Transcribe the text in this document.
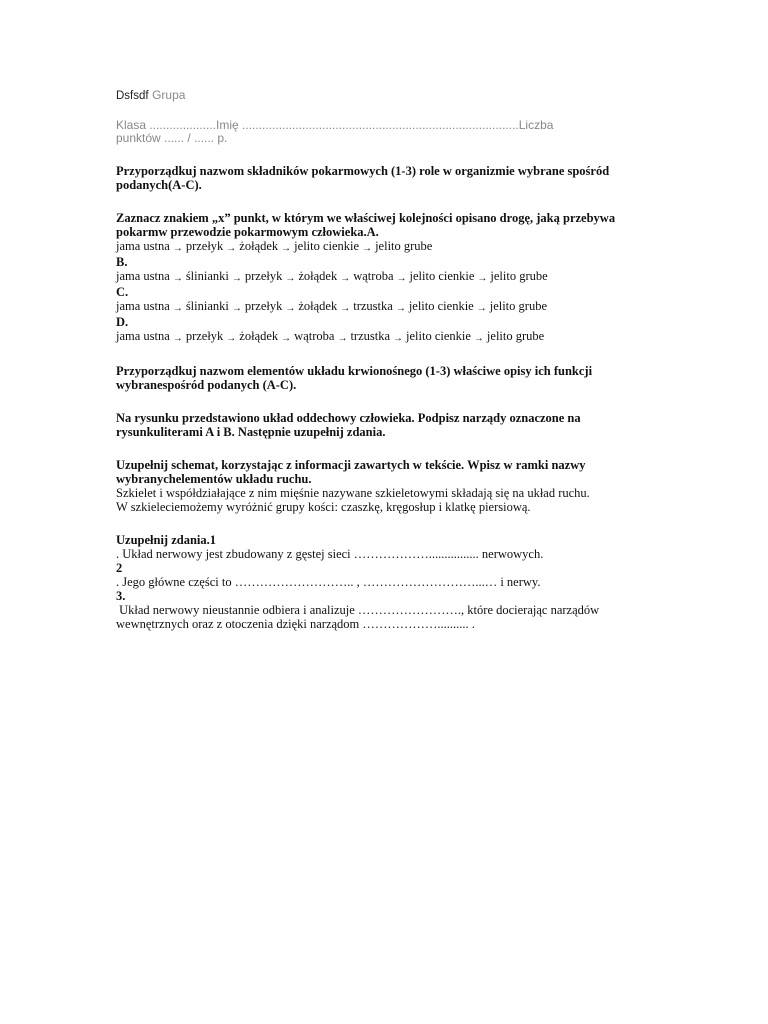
Dsfsdf Grupa
Klasa ....................Imię ...................................................................................Liczba
punktów ...... / ...... p.
Przyporządkuj nazwom składników pokarmowych (1-3) role w organizmie wybrane spośród podanych(A-C).
Zaznacz znakiem „x” punkt, w którym we właściwej kolejności opisano drogę, jaką przebywa
pokarmw przewodzie pokarmowym człowieka.A.
jama ustna → przełyk → żołądek → jelito cienkie → jelito grube
B.
jama ustna → ślinianki → przełyk → żołądek → wątroba → jelito cienkie → jelito grube
C.
jama ustna → ślinianki → przełyk → żołądek → trzustka → jelito cienkie → jelito grube
D.
jama ustna → przełyk → żołądek → wątroba → trzustka → jelito cienkie → jelito grube
Przyporządkuj nazwom elementów układu krwionośnego (1-3) właściwe opisy ich funkcji
wybranespośród podanych (A-C).
Na rysunku przedstawiono układ oddechowy człowieka. Podpisz narządy oznaczone na
rysunkuliterami A i B. Następnie uzupełnij zdania.
Uzupełnij schemat, korzystając z informacji zawartych w tekście. Wpisz w ramki nazwy
wybranychelementów układu ruchu.
Szkielet i współdziałające z nim mięśnie nazywane szkieletowymi składają się na układ ruchu.
W szkieleciemożemy wyróżnić grupy kości: czaszkę, kręgosłup i klatkę piersiową.
Uzupełnij zdania.1
. Układ nerwowy jest zbudowany z gęstej sieci ………………................ nerwowych.
2
. Jego główne części to ……………………….. , ………………………...… i nerwy.
3.
Układ nerwowy nieustannie odbiera i analizuje ……………………., które docierając narządów
wewnętrznych oraz z otoczenia dzięki narządom ……………….......... .
